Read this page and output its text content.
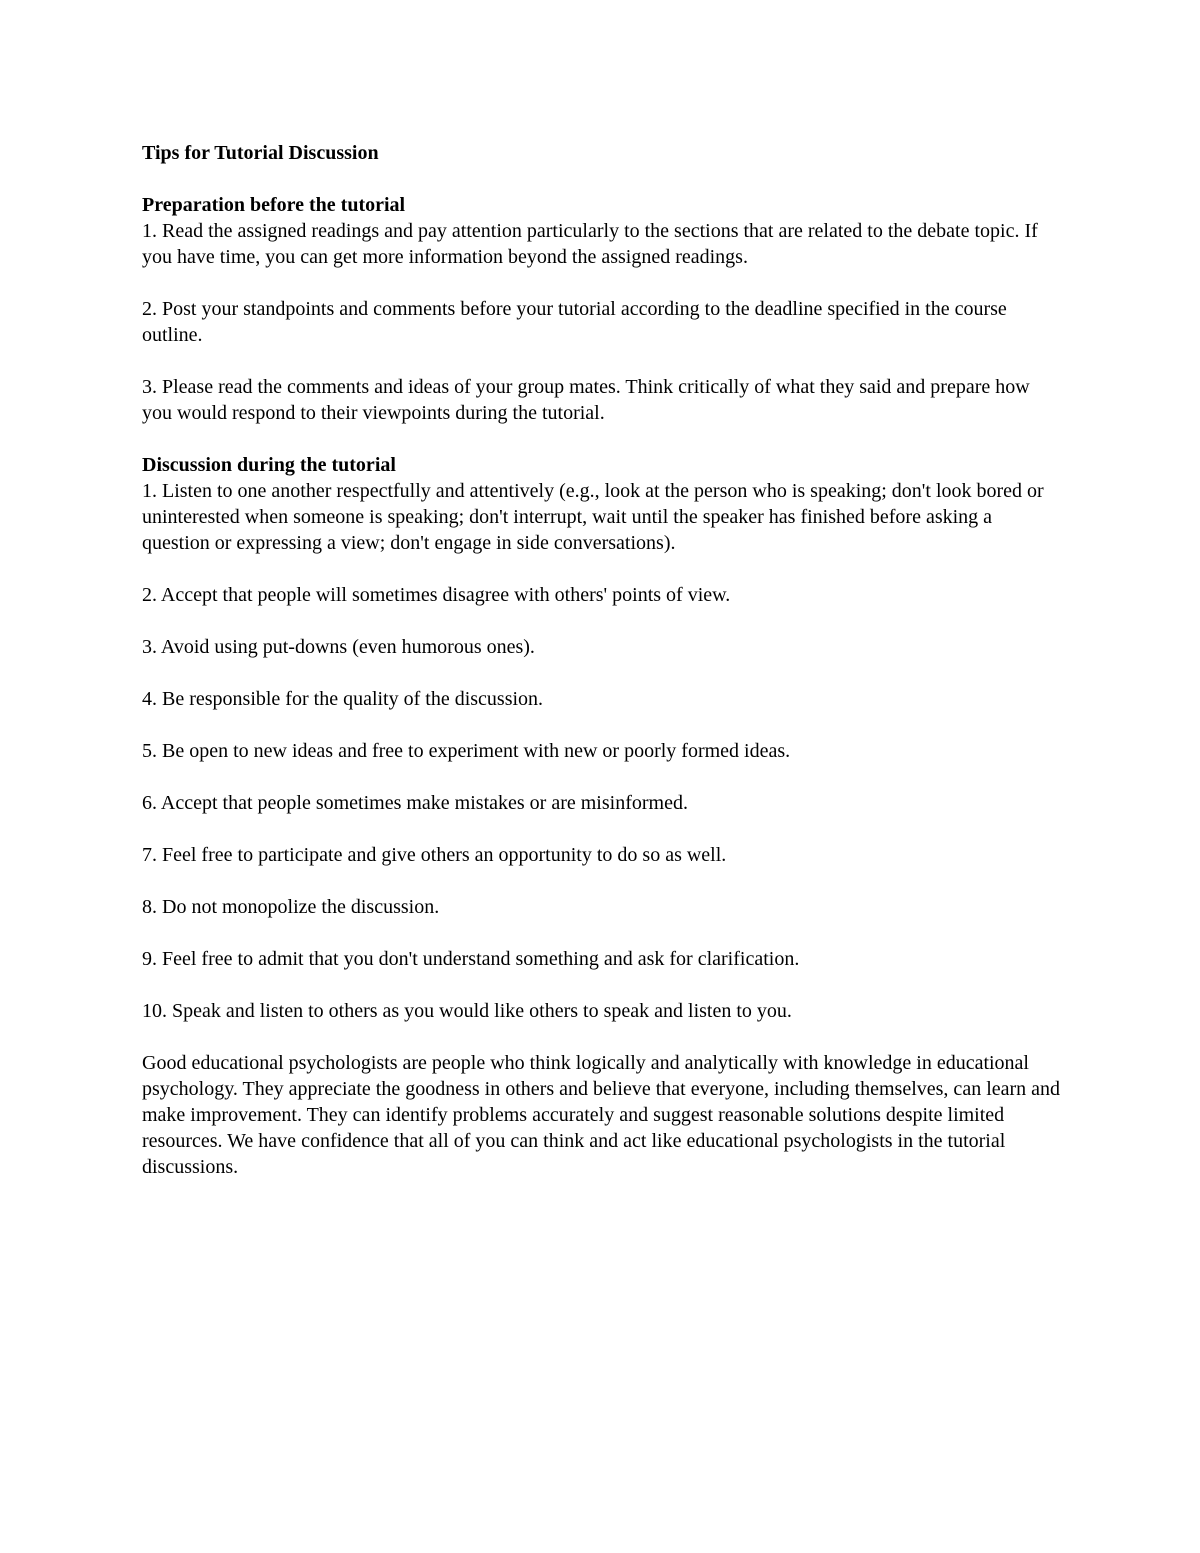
Tips for Tutorial Discussion

Preparation before the tutorial

1. Read the assigned readings and pay attention particularly to the sections that are related to the debate topic. If you have time, you can get more information beyond the assigned readings.

2. Post your standpoints and comments before your tutorial according to the deadline specified in the course outline.

3. Please read the comments and ideas of your group mates. Think critically of what they said and prepare how you would respond to their viewpoints during the tutorial.

Discussion during the tutorial

1. Listen to one another respectfully and attentively (e.g., look at the person who is speaking; don't look bored or uninterested when someone is speaking; don't interrupt, wait until the speaker has finished before asking a question or expressing a view; don't engage in side conversations).

2. Accept that people will sometimes disagree with others' points of view.

3. Avoid using put-downs (even humorous ones).

4. Be responsible for the quality of the discussion.

5. Be open to new ideas and free to experiment with new or poorly formed ideas.

6. Accept that people sometimes make mistakes or are misinformed.

7. Feel free to participate and give others an opportunity to do so as well.

8. Do not monopolize the discussion.

9. Feel free to admit that you don't understand something and ask for clarification.

10. Speak and listen to others as you would like others to speak and listen to you.

Good educational psychologists are people who think logically and analytically with knowledge in educational psychology. They appreciate the goodness in others and believe that everyone, including themselves, can learn and make improvement. They can identify problems accurately and suggest reasonable solutions despite limited resources. We have confidence that all of you can think and act like educational psychologists in the tutorial discussions.
